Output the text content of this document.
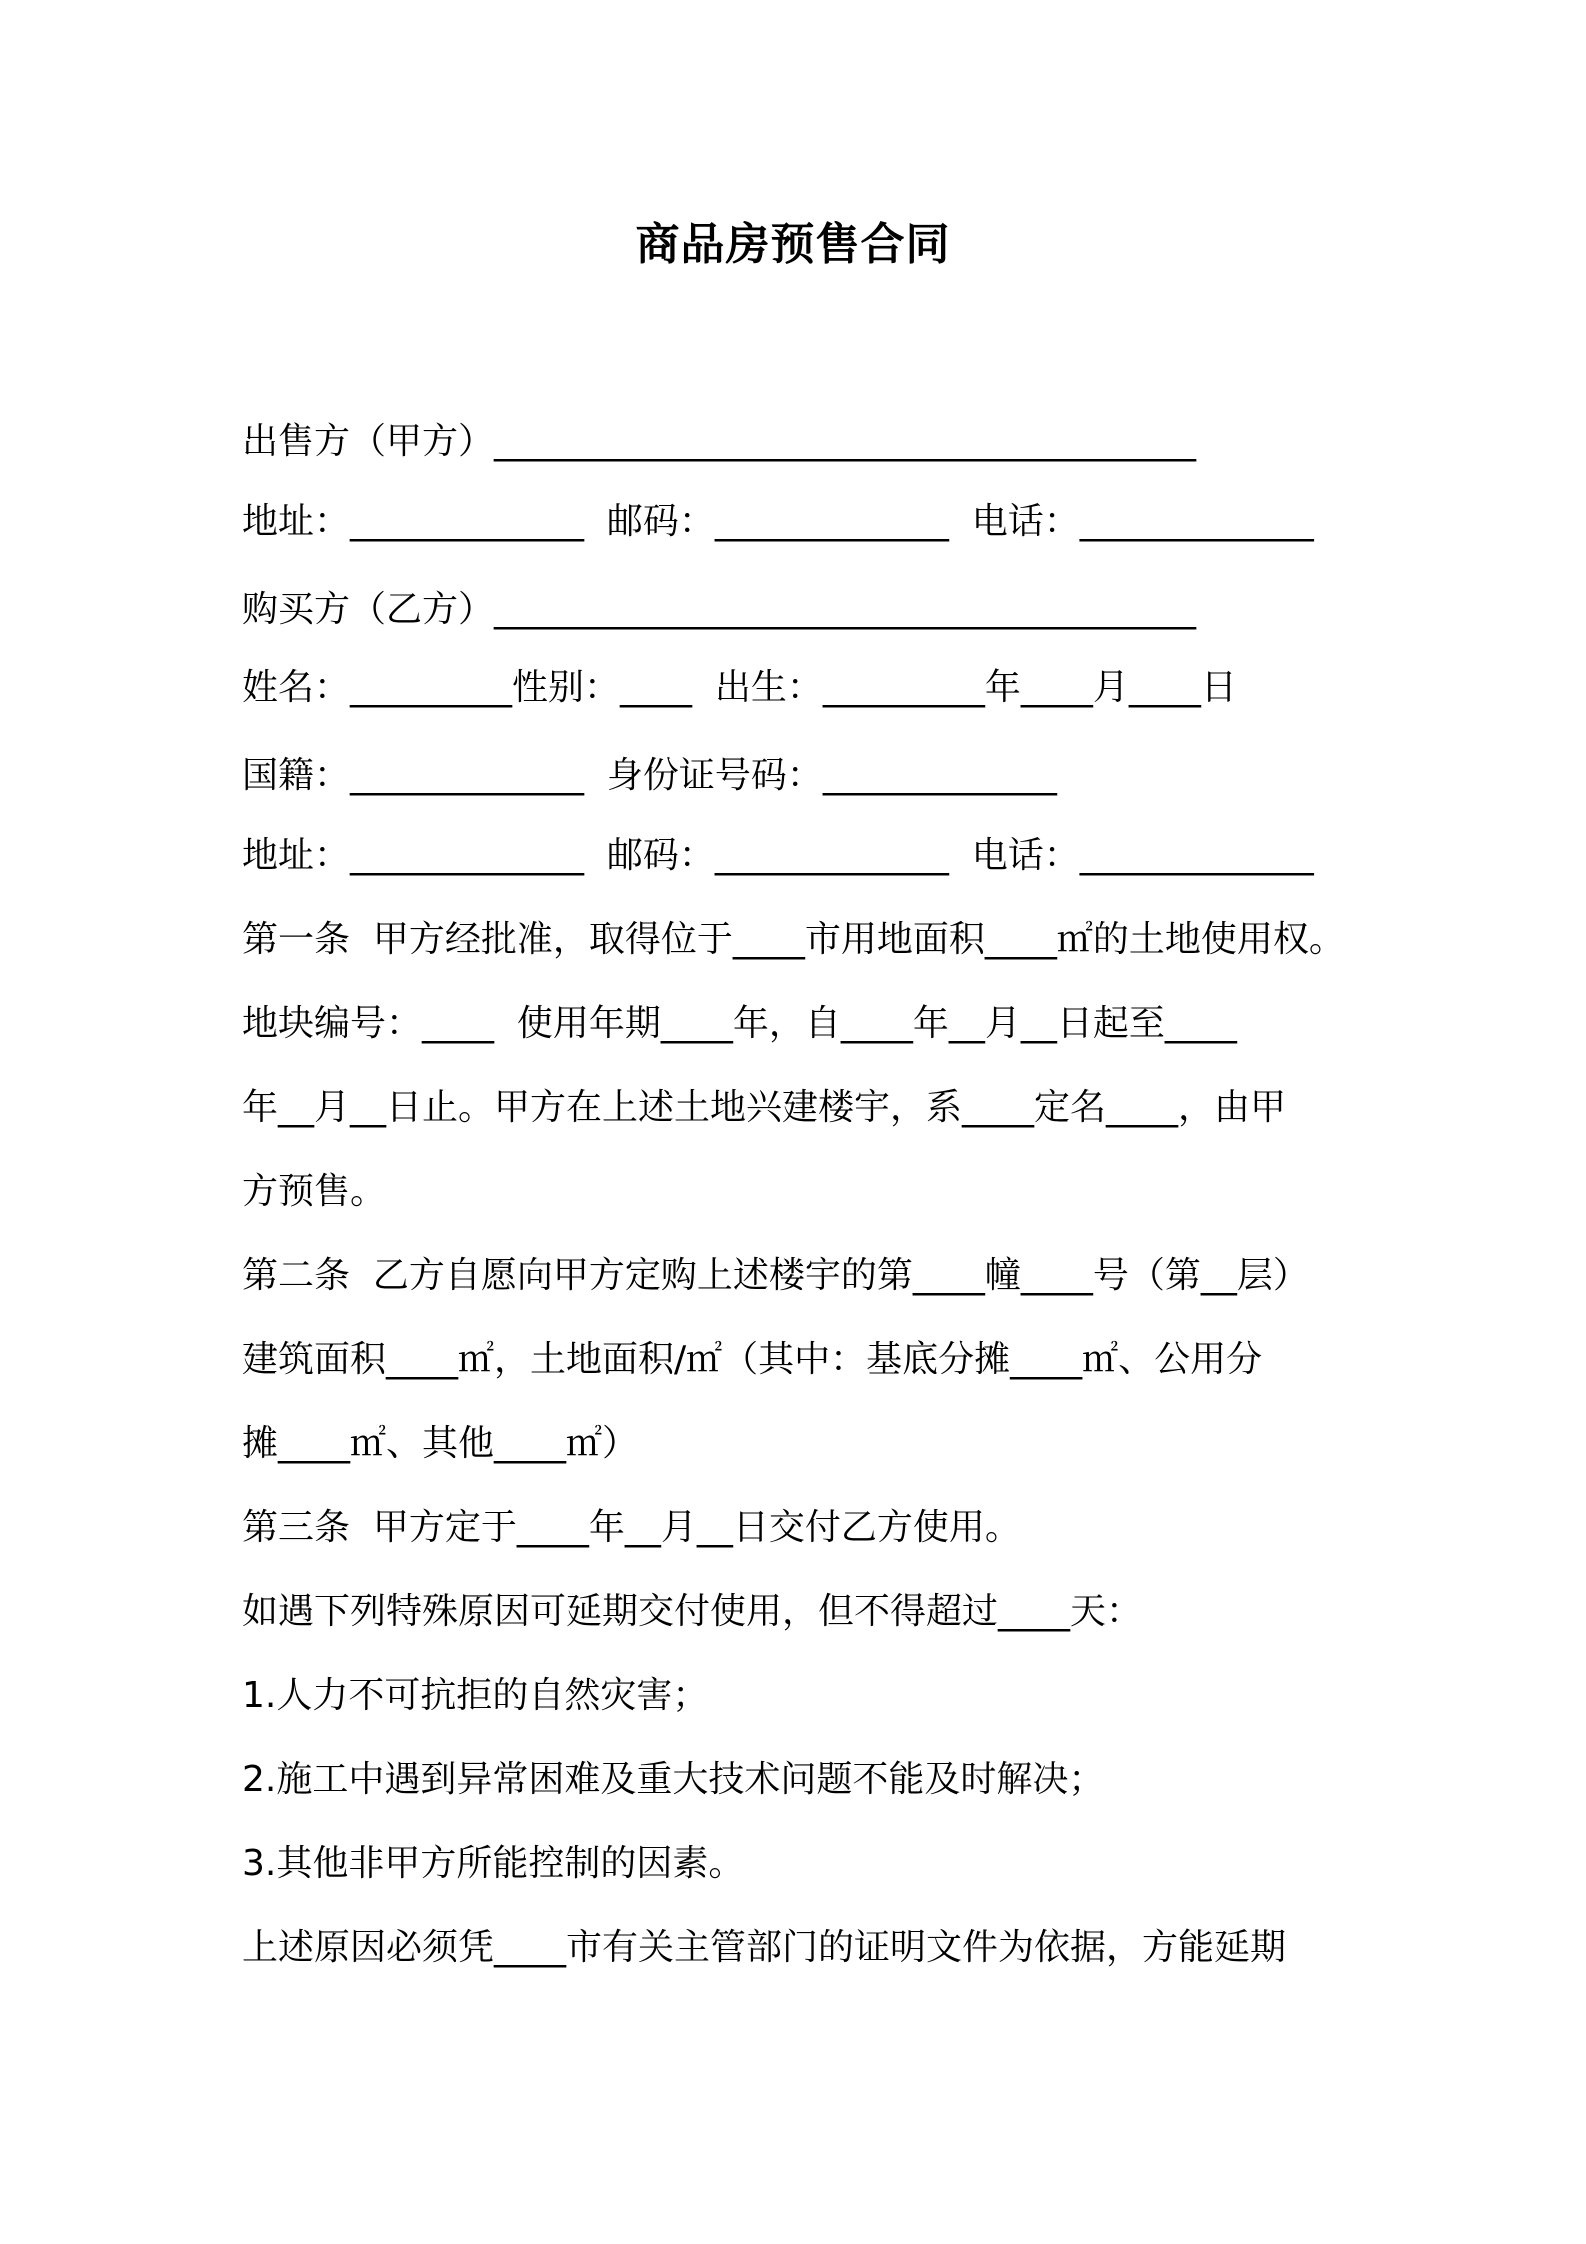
商品房预售合同
出售方（甲方）_______________________________________
地址：_____________  邮码：_____________  电话：_____________
购买方（乙方）_______________________________________
姓名：_________性别：____  出生：_________年____月____日
国籍：_____________  身份证号码：_____________
地址：_____________  邮码：_____________  电话：_____________
第一条  甲方经批准，取得位于____市用地面积____㎡的土地使用权。
地块编号：____  使用年期____年，自____年__月__日起至____
年__月__日止。甲方在上述土地兴建楼宇，系____定名____，由甲
方预售。
第二条  乙方自愿向甲方定购上述楼宇的第____幢____号（第__层）
建筑面积____㎡，土地面积/㎡（其中：基底分摊____㎡、公用分
摊____㎡、其他____㎡）
第三条  甲方定于____年__月__日交付乙方使用。
如遇下列特殊原因可延期交付使用，但不得超过____天：
1.人力不可抗拒的自然灾害；
2.施工中遇到异常困难及重大技术问题不能及时解决；
3.其他非甲方所能控制的因素。
上述原因必须凭____市有关主管部门的证明文件为依据，方能延期
